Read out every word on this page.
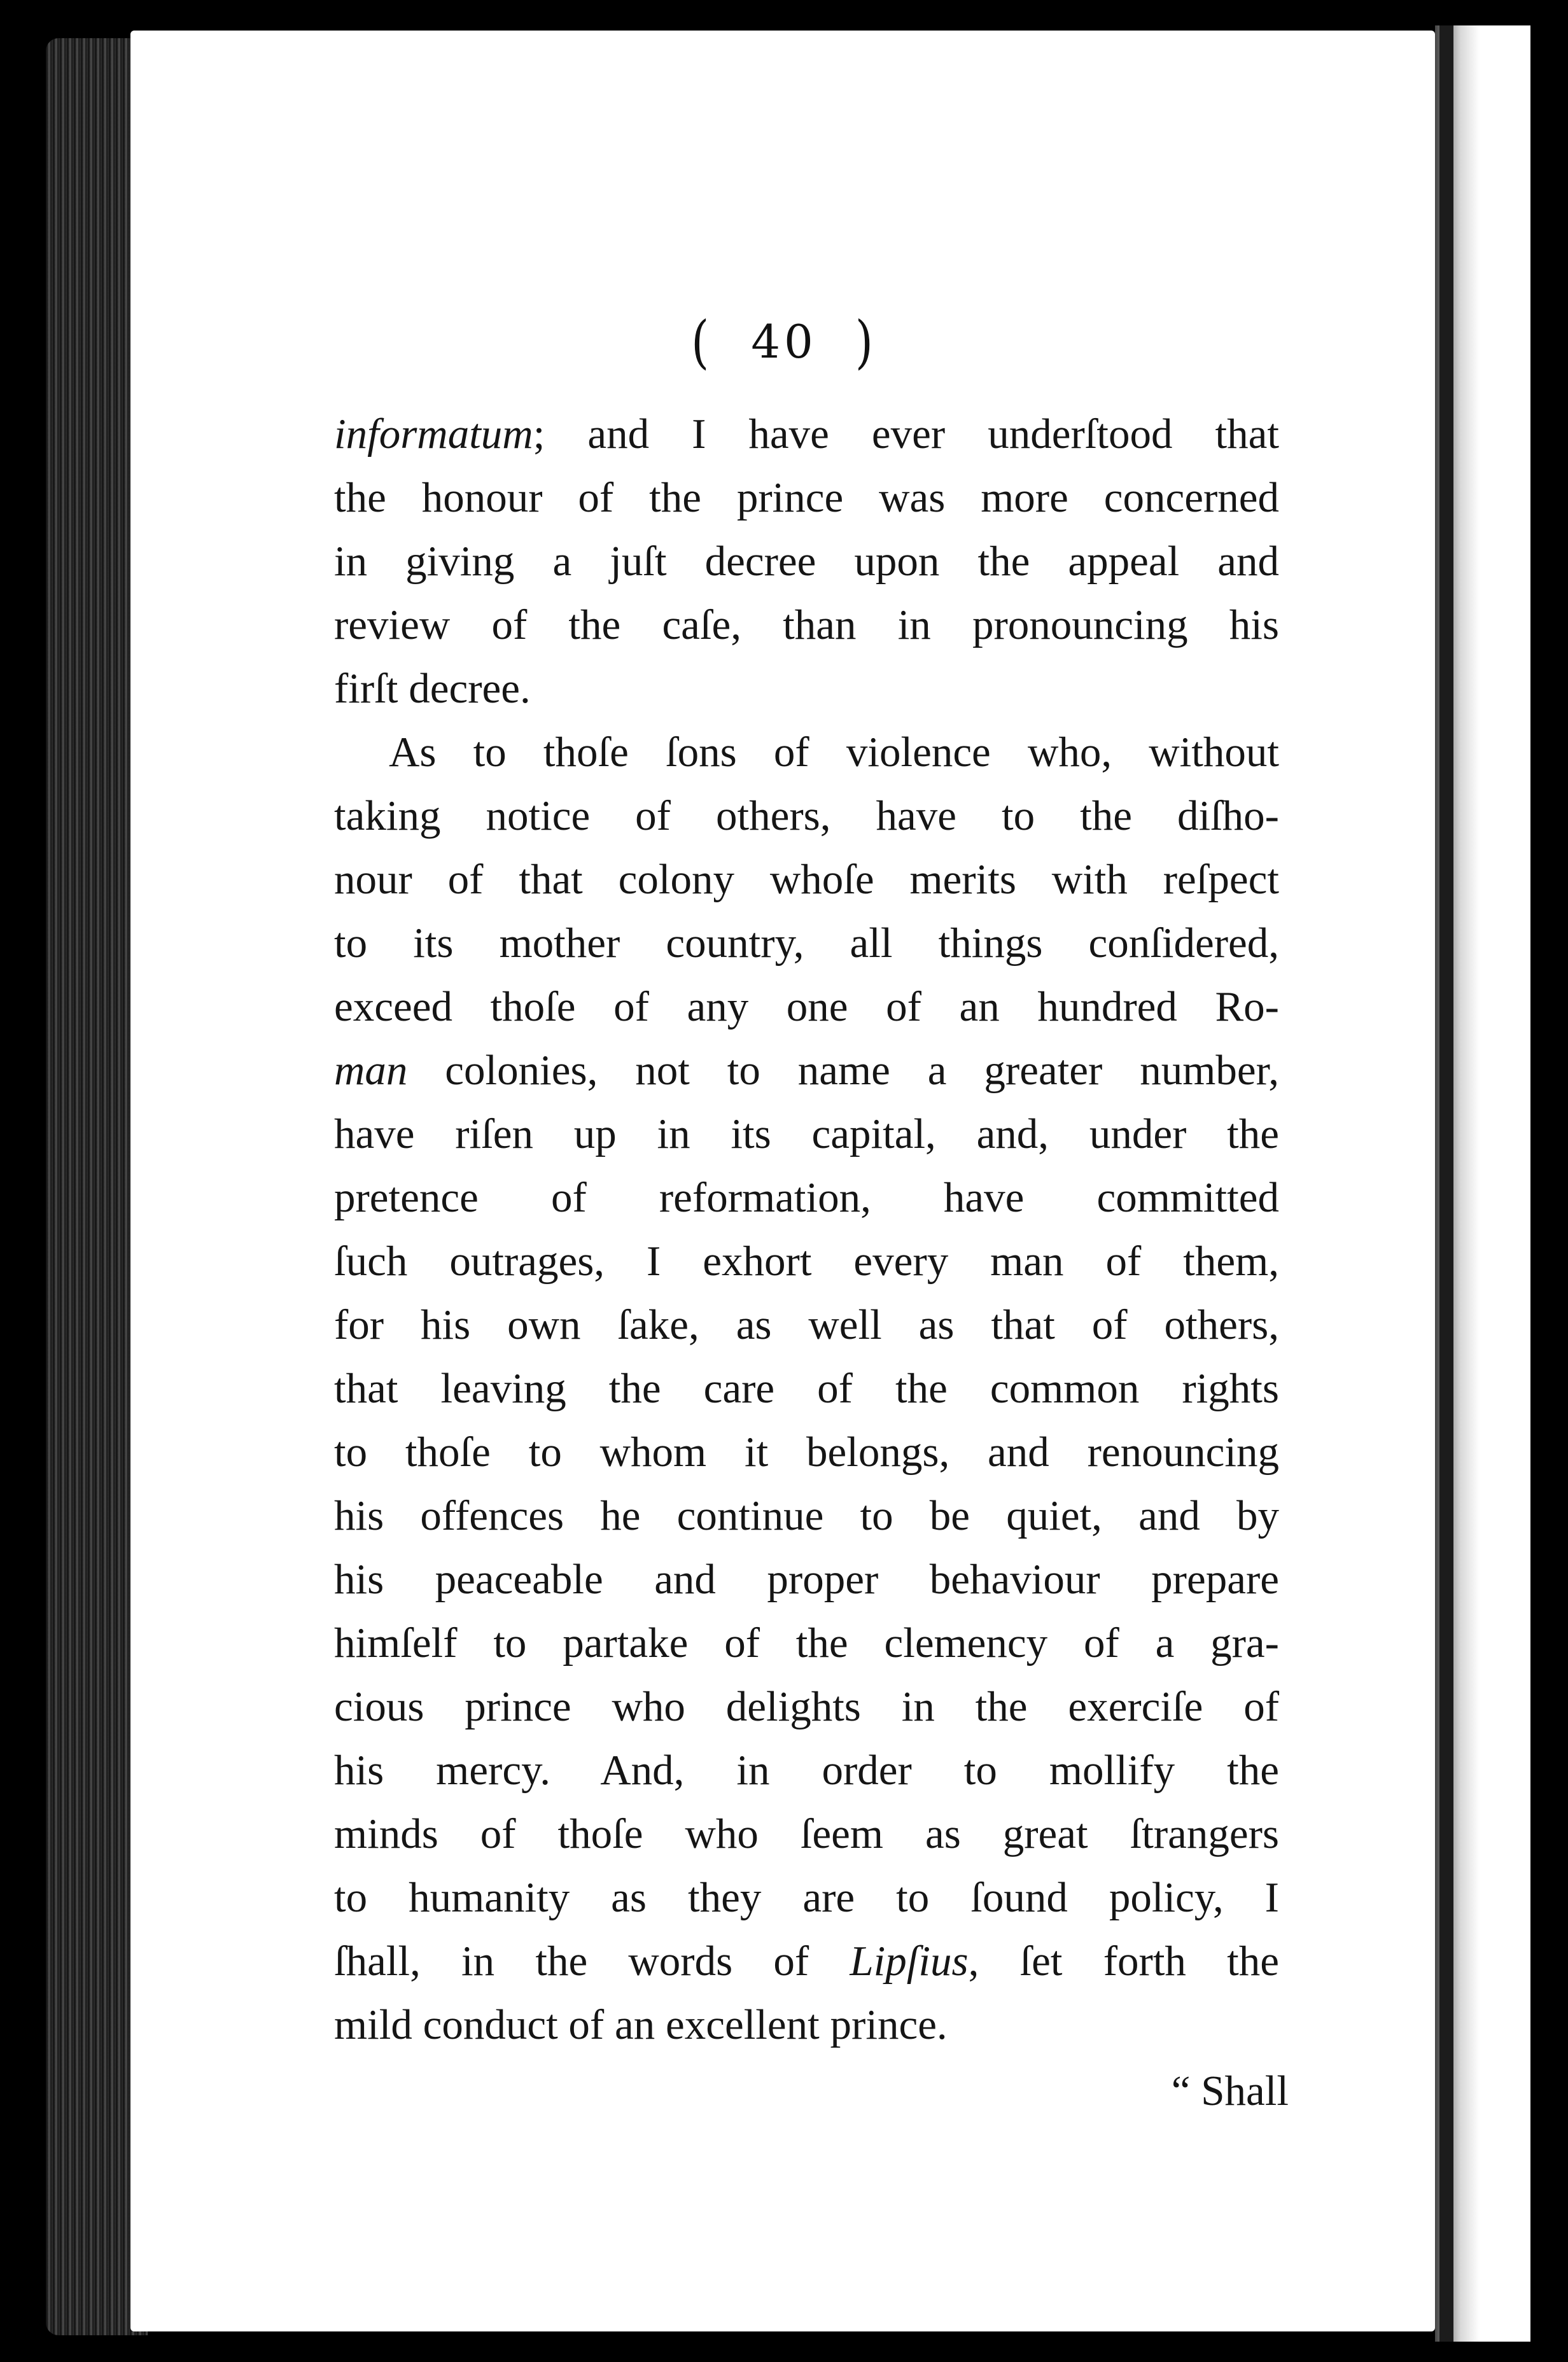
( 40 )
informatum; and I have ever underſtood that
the honour of the prince was more concerned
in giving a juſt decree upon the appeal and
review of the caſe, than in pronouncing his
firſt decree.
As to thoſe ſons of violence who, without
taking notice of others, have to the diſho-
nour of that colony whoſe merits with reſpect
to its mother country, all things conſidered,
exceed thoſe of any one of an hundred Ro-
man colonies, not to name a greater number,
have riſen up in its capital, and, under the
pretence of reformation, have committed
ſuch outrages, I exhort every man of them,
for his own ſake, as well as that of others,
that leaving the care of the common rights
to thoſe to whom it belongs, and renouncing
his offences he continue to be quiet, and by
his peaceable and proper behaviour prepare
himſelf to partake of the clemency of a gra-
cious prince who delights in the exerciſe of
his mercy. And, in order to mollify the
minds of thoſe who ſeem as great ſtrangers
to humanity as they are to ſound policy, I
ſhall, in the words of Lipſius, ſet forth the
mild conduct of an excellent prince.
“ Shall
